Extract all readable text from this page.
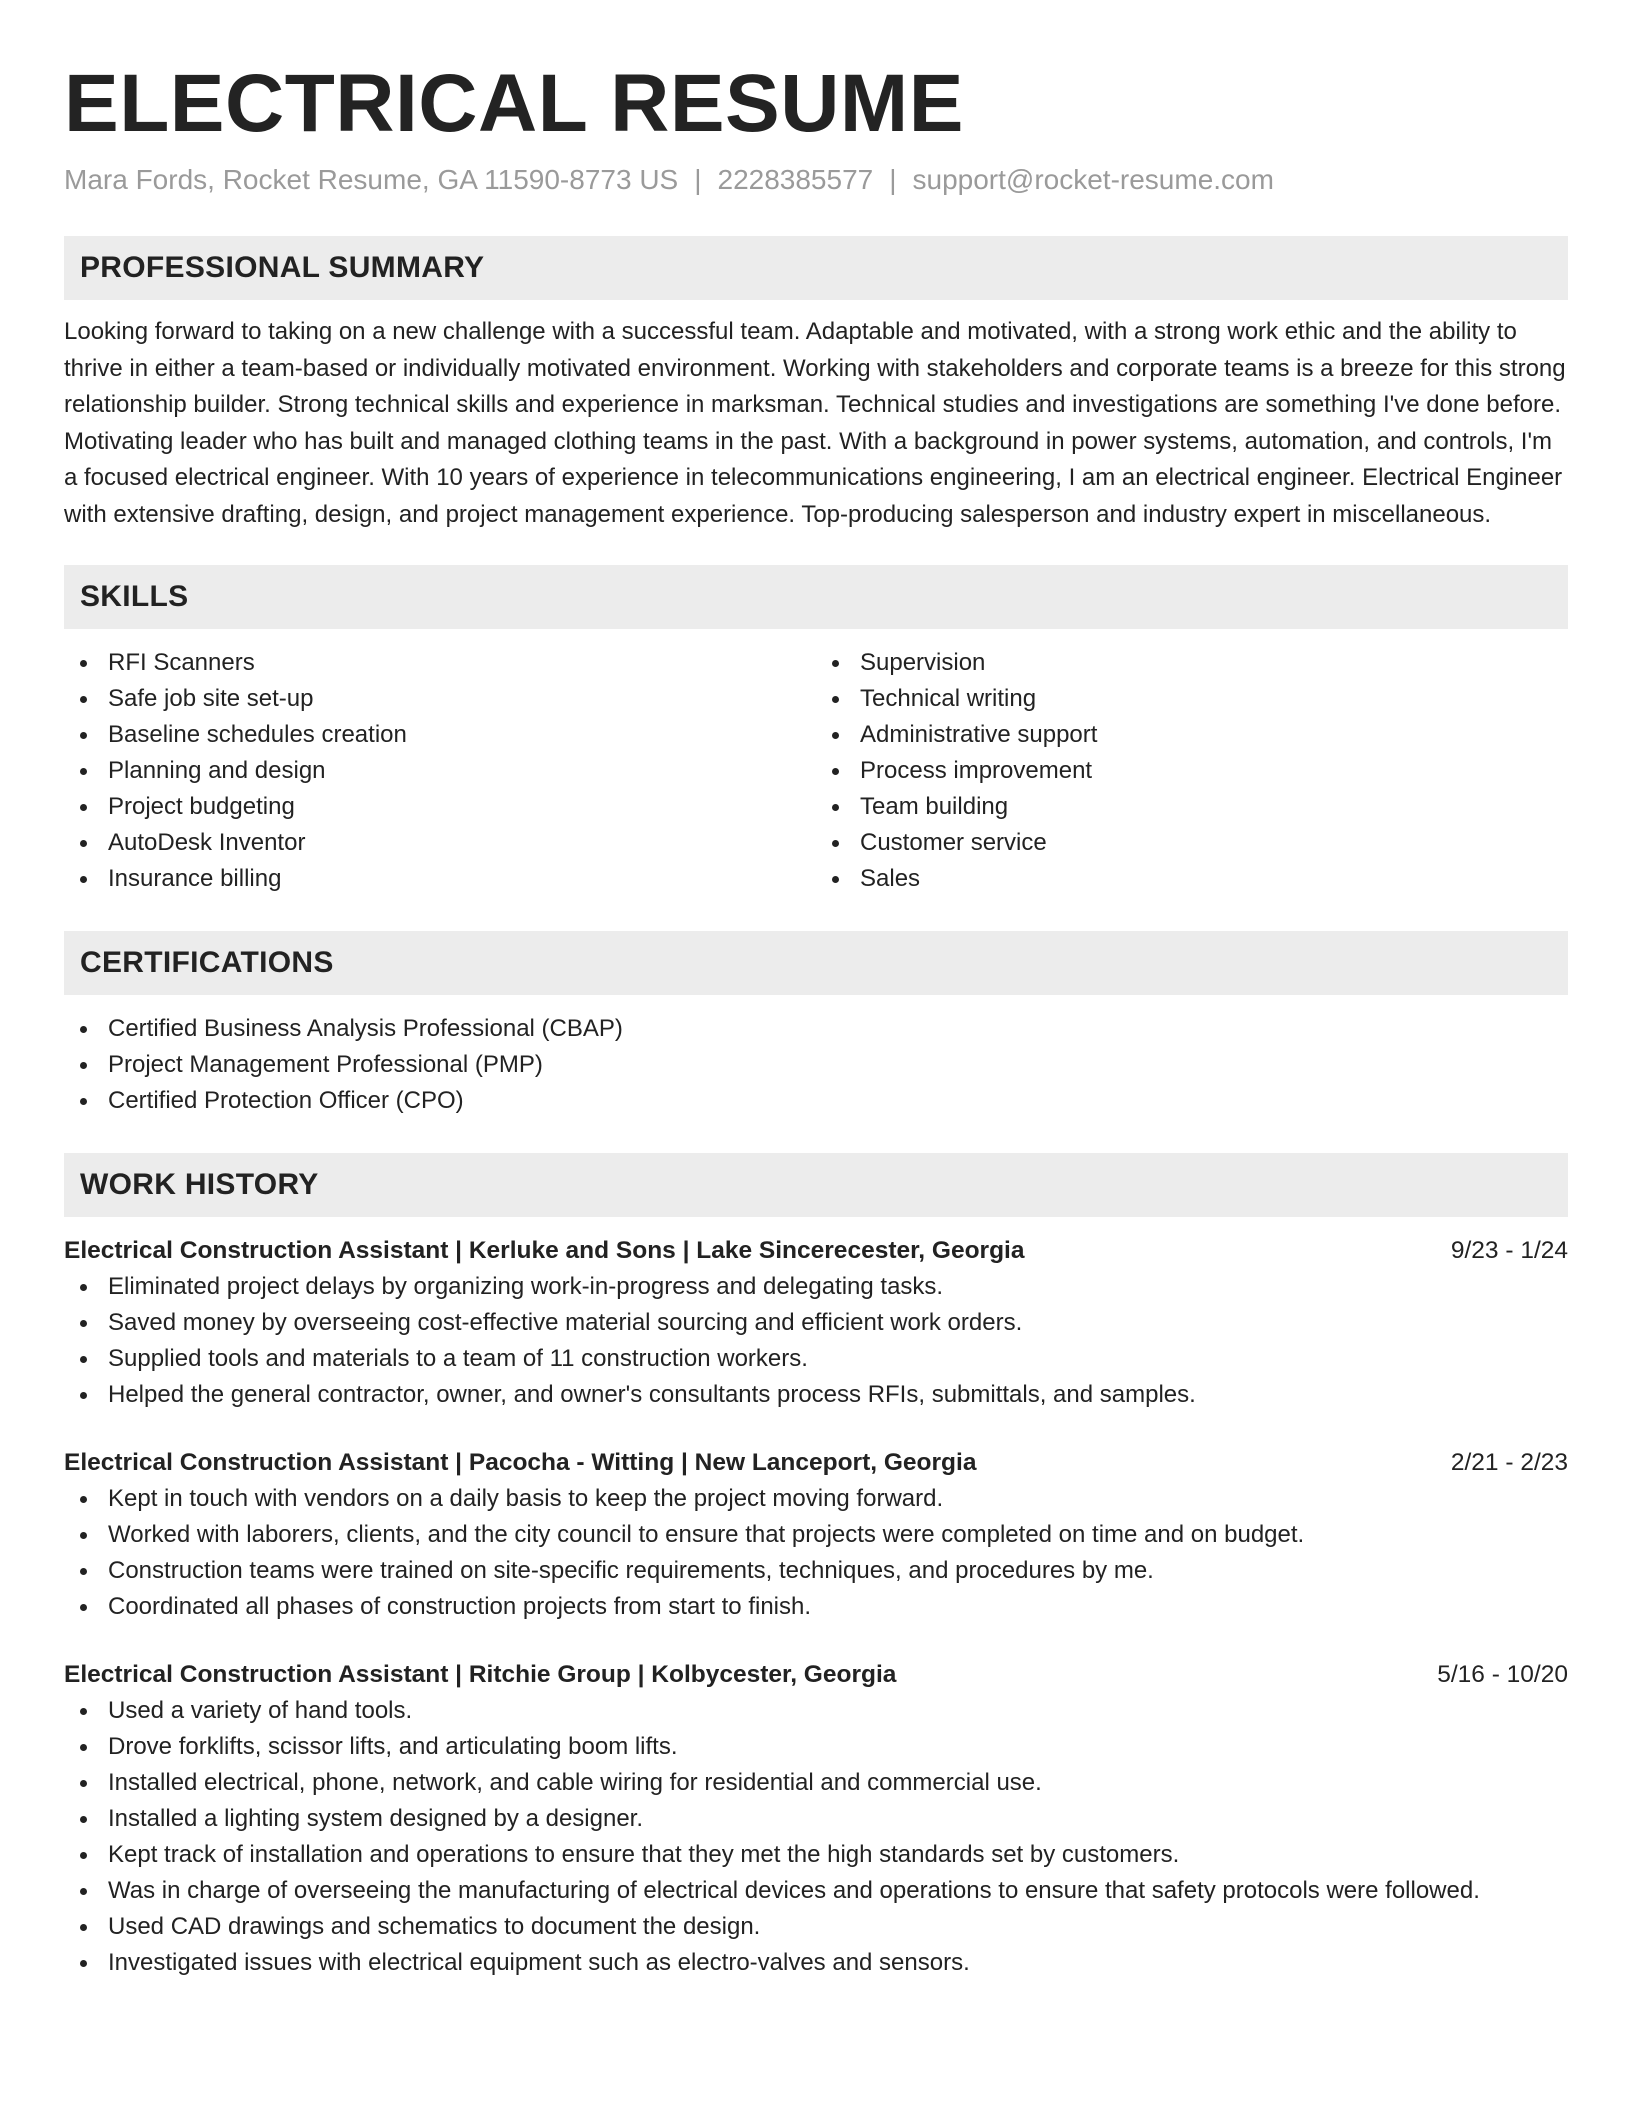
ELECTRICAL RESUME
Mara Fords, Rocket Resume, GA 11590-8773 US | 2228385577 | support@rocket-resume.com
PROFESSIONAL SUMMARY

Looking forward to taking on a new challenge with a successful team. Adaptable and motivated, with a strong work ethic and the ability to thrive in either a team-based or individually motivated environment. Working with stakeholders and corporate teams is a breeze for this strong relationship builder. Strong technical skills and experience in marksman. Technical studies and investigations are something I've done before. Motivating leader who has built and managed clothing teams in the past. With a background in power systems, automation, and controls, I'm a focused electrical engineer. With 10 years of experience in telecommunications engineering, I am an electrical engineer. Electrical Engineer with extensive drafting, design, and project management experience. Top-producing salesperson and industry expert in miscellaneous.

SKILLS
RFI Scanners
Safe job site set-up
Baseline schedules creation
Planning and design
Project budgeting
AutoDesk Inventor
Insurance billing
Supervision
Technical writing
Administrative support
Process improvement
Team building
Customer service
Sales
CERTIFICATIONS
Certified Business Analysis Professional (CBAP)
Project Management Professional (PMP)
Certified Protection Officer (CPO)
WORK HISTORY
Electrical Construction Assistant | Kerluke and Sons | Lake Sincerecester, Georgia	9/23 - 1/24
Eliminated project delays by organizing work-in-progress and delegating tasks.
Saved money by overseeing cost-effective material sourcing and efficient work orders.
Supplied tools and materials to a team of 11 construction workers.
Helped the general contractor, owner, and owner's consultants process RFIs, submittals, and samples.
Electrical Construction Assistant | Pacocha - Witting | New Lanceport, Georgia	2/21 - 2/23
Kept in touch with vendors on a daily basis to keep the project moving forward.
Worked with laborers, clients, and the city council to ensure that projects were completed on time and on budget.
Construction teams were trained on site-specific requirements, techniques, and procedures by me.
Coordinated all phases of construction projects from start to finish.
Electrical Construction Assistant | Ritchie Group | Kolbycester, Georgia	5/16 - 10/20
Used a variety of hand tools.
Drove forklifts, scissor lifts, and articulating boom lifts.
Installed electrical, phone, network, and cable wiring for residential and commercial use.
Installed a lighting system designed by a designer.
Kept track of installation and operations to ensure that they met the high standards set by customers.
Was in charge of overseeing the manufacturing of electrical devices and operations to ensure that safety protocols were followed.
Used CAD drawings and schematics to document the design.
Investigated issues with electrical equipment such as electro-valves and sensors.
